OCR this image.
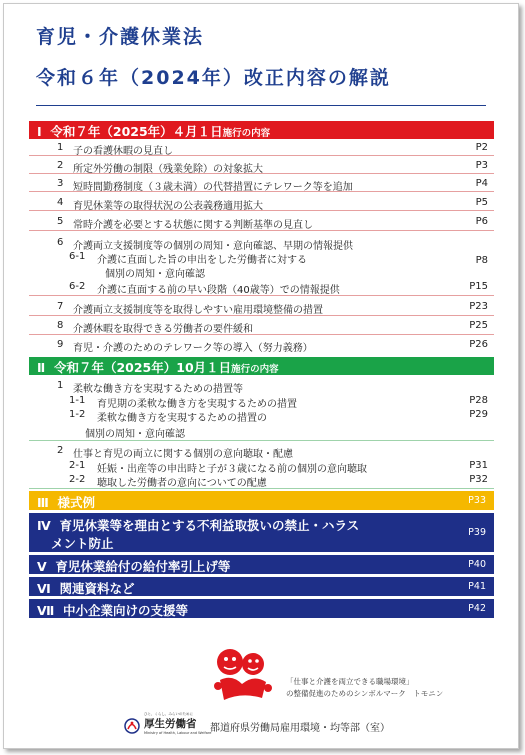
育児・介護休業法
令和６年（2024年）改正内容の解説
Ⅰ 令和７年（2025年）４月１日施行の内容
1 子の看護休暇の見直し	P2
2 所定外労働の制限（残業免除）の対象拡大	P3
3 短時間勤務制度（３歳未満）の代替措置にテレワーク等を追加	P4
4 育児休業等の取得状況の公表義務適用拡大	P5
5 常時介護を必要とする状態に関する判断基準の見直し	P6
6 介護両立支援制度等の個別の周知・意向確認、早期の情報提供
6-1 介護に直面した旨の申出をした労働者に対する
個別の周知・意向確認
P8
6-2 介護に直面する前の早い段階（40歳等）での情報提供	P15
7 介護両立支援制度等を取得しやすい雇用環境整備の措置	P23
8 介護休暇を取得できる労働者の要件緩和	P25
9 育児・介護のためのテレワーク等の導入（努力義務）	P26
Ⅱ 令和７年（2025年）10月１日施行の内容
1 柔軟な働き方を実現するための措置等
1-1 育児期の柔軟な働き方を実現するための措置	P28
1-2 柔軟な働き方を実現するための措置の
個別の周知・意向確認
P29
2 仕事と育児の両立に関する個別の意向聴取・配慮
2-1 妊娠・出産等の申出時と子が３歳になる前の個別の意向聴取	P31
2-2 聴取した労働者の意向についての配慮	P32
Ⅲ 様式例	P33
Ⅳ 育児休業等を理由とする不利益取扱いの禁止・ハラス
メント防止
P39
Ⅴ 育児休業給付の給付率引上げ等	P40
Ⅵ 関連資料など	P41
Ⅶ 中小企業向けの支援等	P42
「仕事と介護を両立できる職場環境」
の整備促進のためのシンボルマーク　トモニン
ひと、くらし、みらいのために
厚生労働省
Ministry of Health, Labour and Welfare
都道府県労働局雇用環境・均等部（室）
